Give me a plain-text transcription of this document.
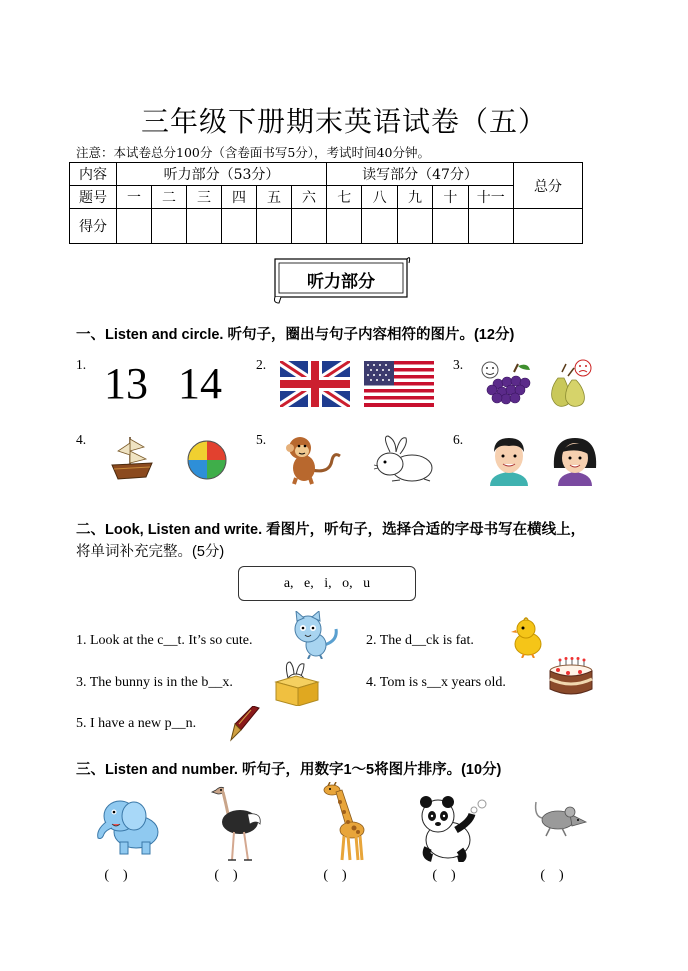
三年级下册期末英语试卷（五）
注意：本试卷总分100分（含卷面书写5分），考试时间40分钟。
内容	听力部分（53分）						读写部分（47分）					总分
题号	一	二	三	四	五	六	七	八	九	十	十一	
得分												
听力部分
一、Listen and circle. 听句子，圈出与句子内容相符的图片。(12分)
1. 13 14	2.	3.
4.	5.	6.
二、Look, Listen and write. 看图片，听句子，选择合适的字母书写在横线上，
将单词补充完整。(5分)
a,   e,   i,   o,   u
1. Look at the c__t. It’s so cute.	2. The d__ck is fat.
3. The bunny is in the b__x.	4. Tom is s__x years old.
5. I have a new p__n.
三、Listen and number. 听句子，用数字1～5将图片排序。(10分)
(　)	(　)	(　)	(　)	(　)
